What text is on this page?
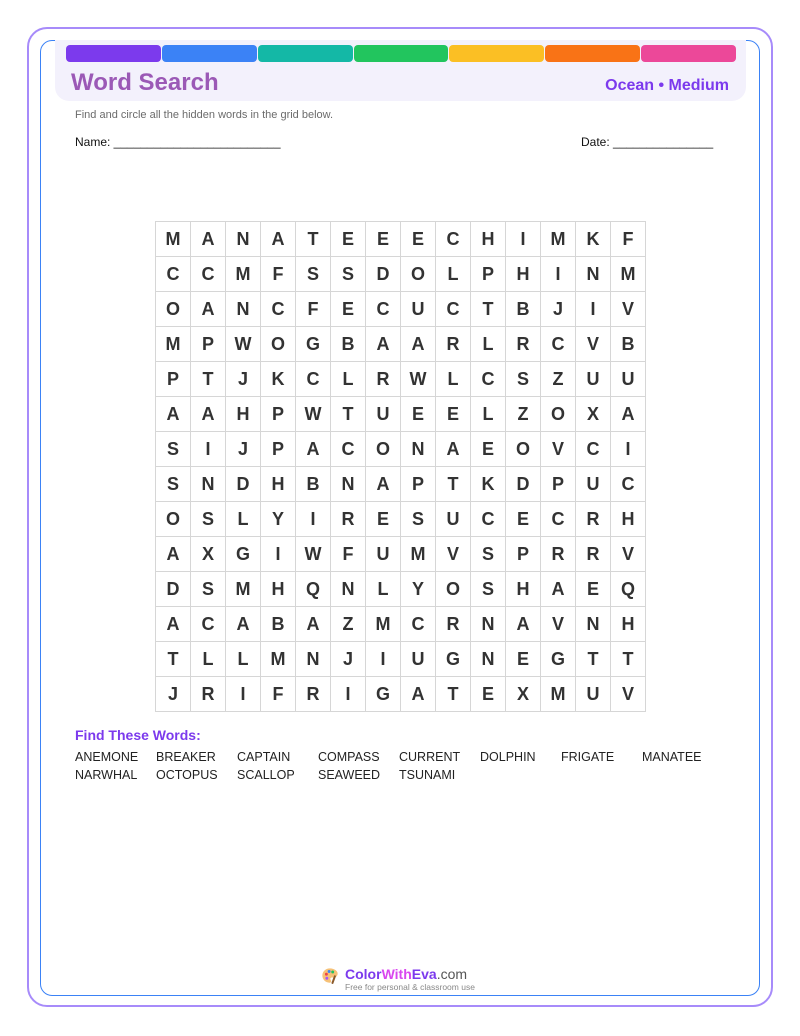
Word Search	Ocean • Medium
Find and circle all the hidden words in the grid below.
Name: _________________________	Date: _______________
M	A	N	A	T	E	E	E	C	H	I	M	K	F
C	C	M	F	S	S	D	O	L	P	H	I	N	M
O	A	N	C	F	E	C	U	C	T	B	J	I	V
M	P	W	O	G	B	A	A	R	L	R	C	V	B
P	T	J	K	C	L	R	W	L	C	S	Z	U	U
A	A	H	P	W	T	U	E	E	L	Z	O	X	A
S	I	J	P	A	C	O	N	A	E	O	V	C	I
S	N	D	H	B	N	A	P	T	K	D	P	U	C
O	S	L	Y	I	R	E	S	U	C	E	C	R	H
A	X	G	I	W	F	U	M	V	S	P	R	R	V
D	S	M	H	Q	N	L	Y	O	S	H	A	E	Q
A	C	A	B	A	Z	M	C	R	N	A	V	N	H
T	L	L	M	N	J	I	U	G	N	E	G	T	T
J	R	I	F	R	I	G	A	T	E	X	M	U	V
Find These Words:
ANEMONE	BREAKER	CAPTAIN	COMPASS	CURRENT	DOLPHIN	FRIGATE	MANATEE
NARWHAL	OCTOPUS	SCALLOP	SEAWEED	TSUNAMI
ColorWithEva.com
Free for personal & classroom use
